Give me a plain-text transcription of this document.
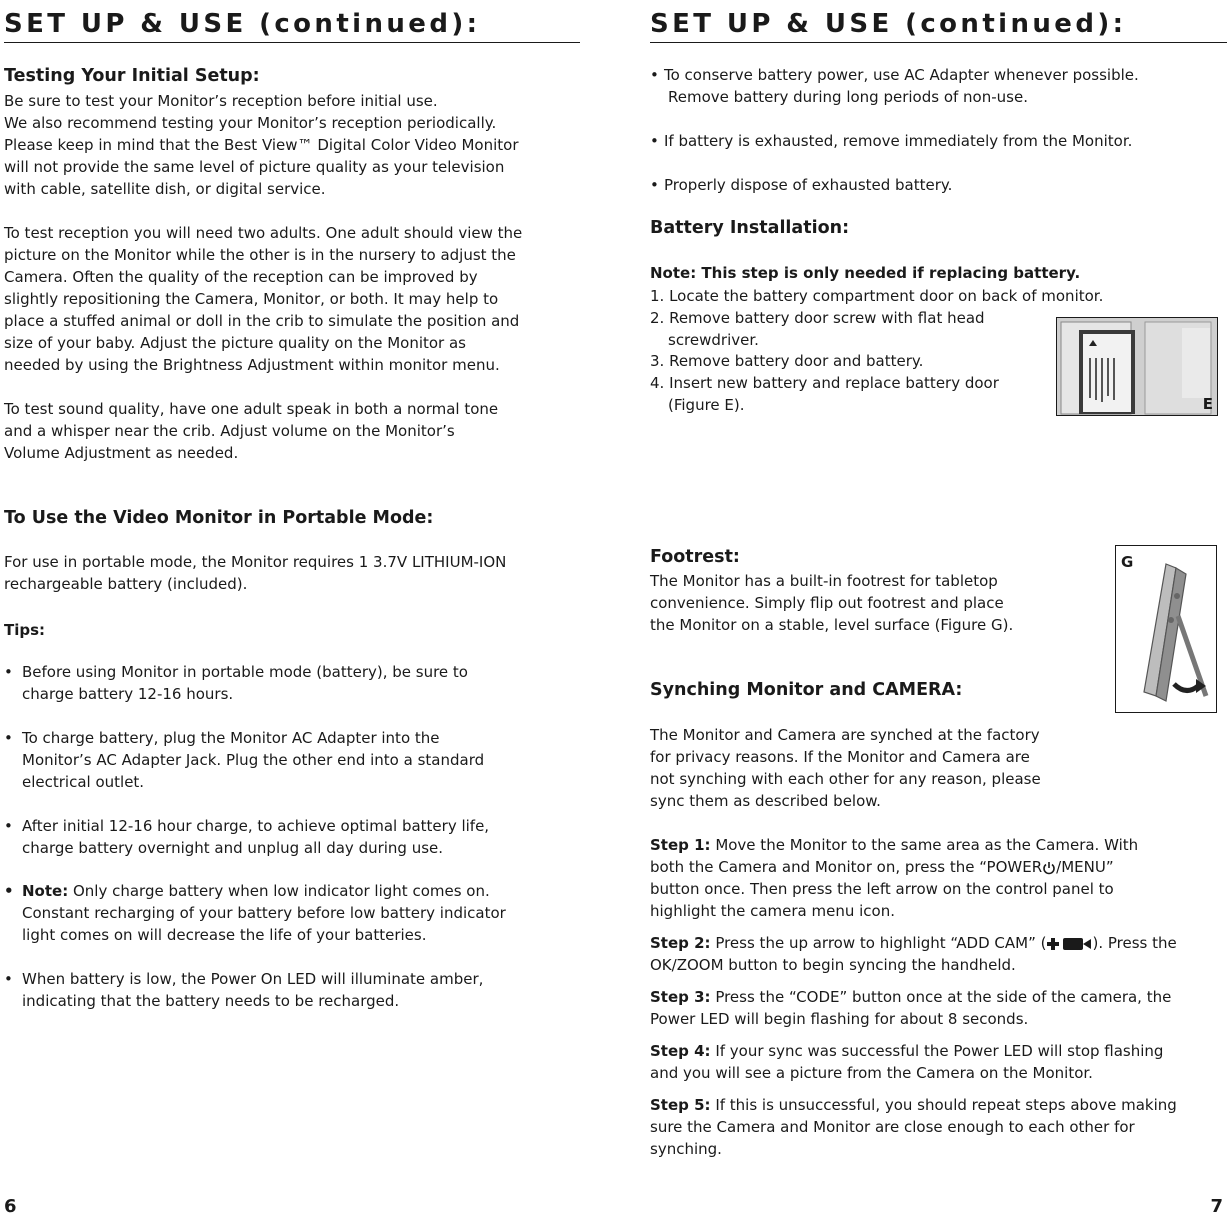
SET UP & USE (continued):
Testing Your Initial Setup:
Be sure to test your Monitor’s reception before initial use.
We also recommend testing your Monitor’s reception periodically.
Please keep in mind that the Best View™ Digital Color Video Monitor
will not provide the same level of picture quality as your television
with cable, satellite dish, or digital service.
To test reception you will need two adults. One adult should view the
picture on the Monitor while the other is in the nursery to adjust the
Camera. Often the quality of the reception can be improved by
slightly repositioning the Camera, Monitor, or both. It may help to
place a stuffed animal or doll in the crib to simulate the position and
size of your baby. Adjust the picture quality on the Monitor as
needed by using the Brightness Adjustment within monitor menu.
To test sound quality, have one adult speak in both a normal tone
and a whisper near the crib. Adjust volume on the Monitor’s
Volume Adjustment as needed.
To Use the Video Monitor in Portable Mode:
For use in portable mode, the Monitor requires 1 3.7V LITHIUM-ION
rechargeable battery (included).
Tips:
• Before using Monitor in portable mode (battery), be sure to
charge battery 12-16 hours.
• To charge battery, plug the Monitor AC Adapter into the
Monitor’s AC Adapter Jack. Plug the other end into a standard
electrical outlet.
• After initial 12-16 hour charge, to achieve optimal battery life,
charge battery overnight and unplug all day during use.
• Note: Only charge battery when low indicator light comes on.
Constant recharging of your battery before low battery indicator
light comes on will decrease the life of your batteries.
• When battery is low, the Power On LED will illuminate amber,
indicating that the battery needs to be recharged.
6
SET UP & USE (continued):
• To conserve battery power, use AC Adapter whenever possible.
Remove battery during long periods of non-use.
• If battery is exhausted, remove immediately from the Monitor.
• Properly dispose of exhausted battery.
Battery Installation:
Note: This step is only needed if replacing battery.
1. Locate the battery compartment door on back of monitor.
2. Remove battery door screw with flat head
screwdriver.
3. Remove battery door and battery.
4. Insert new battery and replace battery door
(Figure E).	E
Footrest:
The Monitor has a built-in footrest for tabletop
convenience. Simply flip out footrest and place
the Monitor on a stable, level surface (Figure G).
G
Synching Monitor and CAMERA:
The Monitor and Camera are synched at the factory
for privacy reasons. If the Monitor and Camera are
not synching with each other for any reason, please
sync them as described below.
Step 1: Move the Monitor to the same area as the Camera. With
both the Camera and Monitor on, press the “POWER /MENU”
button once. Then press the left arrow on the control panel to
highlight the camera menu icon.
Step 2: Press the up arrow to highlight “ADD CAM” (	). Press the
OK/ZOOM button to begin syncing the handheld.
Step 3: Press the “CODE” button once at the side of the camera, the
Power LED will begin flashing for about 8 seconds.
Step 4: If your sync was successful the Power LED will stop flashing
and you will see a picture from the Camera on the Monitor.
Step 5: If this is unsuccessful, you should repeat steps above making
sure the Camera and Monitor are close enough to each other for
synching.
7
